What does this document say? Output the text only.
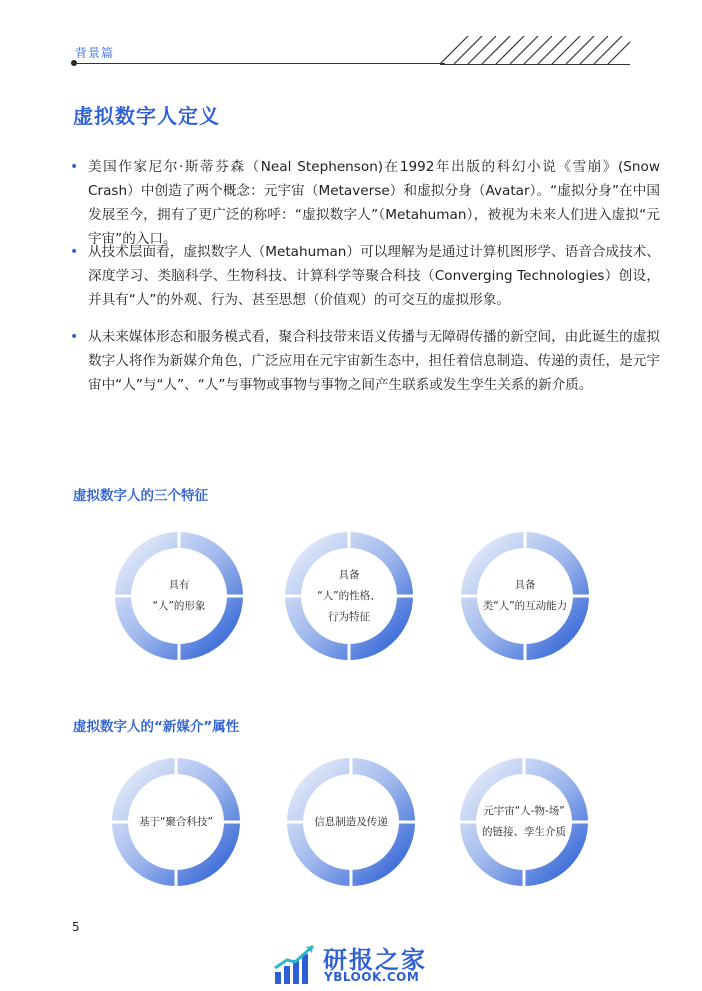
背景篇
虚拟数字人定义
• 美国作家尼尔·斯蒂芬森（Neal Stephenson)在1992年出版的科幻小说《雪崩》(Snow Crash）中创造了两个概念：元宇宙（Metaverse）和虚拟分身（Avatar）。“虚拟分身”在中国发展至今，拥有了更广泛的称呼：“虚拟数字人”（Metahuman），被视为未来人们进入虚拟“元宇宙”的入口。
• 从技术层面看，虚拟数字人（Metahuman）可以理解为是通过计算机图形学、语音合成技术、深度学习、类脑科学、生物科技、计算科学等聚合科技（Converging Technologies）创设，并具有“人”的外观、行为、甚至思想（价值观）的可交互的虚拟形象。
• 从未来媒体形态和服务模式看，聚合科技带来语义传播与无障碍传播的新空间，由此诞生的虚拟数字人将作为新媒介角色，广泛应用在元宇宙新生态中，担任着信息制造、传递的责任，是元宇宙中“人”与“人”、“人”与事物或事物与事物之间产生联系或发生孪生关系的新介质。
虚拟数字人的三个特征
具有
“人”的形象
具备
“人”的性格、
行为特征
具备
类“人”的互动能力
虚拟数字人的“新媒介”属性
基于“聚合科技”	信息制造及传递
元宇宙“人-物-场”
的链接、孪生介质
5
研报之家
YBLOOK.COM
